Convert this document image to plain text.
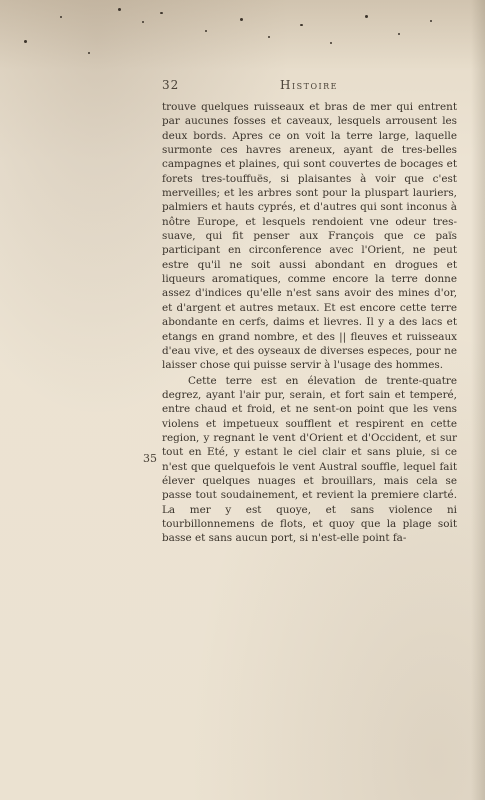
32	Histoire
35

trouve quelques ruisseaux et bras de mer qui entrent par aucunes fosses et caveaux, lesquels arrousent les deux bords. Apres ce on voit la terre large, laquelle surmonte ces havres areneux, ayant de tres-belles campagnes et plaines, qui sont couvertes de bocages et forets tres-touffuës, si plaisantes à voir que c'est merveilles; et les arbres sont pour la pluspart lauriers, palmiers et hauts cyprés, et d'autres qui sont inconus à nôtre Europe, et lesquels rendoient vne odeur tres-suave, qui fit penser aux François que ce païs participant en circonference avec l'Orient, ne peut estre qu'il ne soit aussi abondant en drogues et liqueurs aromatiques, comme encore la terre donne assez d'indices qu'elle n'est sans avoir des mines d'or, et d'argent et autres metaux. Et est encore cette terre abondante en cerfs, daims et lievres. Il y a des lacs et etangs en grand nombre, et des || fleuves et ruisseaux d'eau vive, et des oyseaux de diverses especes, pour ne laisser chose qui puisse servir à l'usage des hommes.

Cette terre est en élevation de trente-quatre degrez, ayant l'air pur, serain, et fort sain et temperé, entre chaud et froid, et ne sent-on point que les vens violens et impetueux soufflent et respirent en cette region, y regnant le vent d'Orient et d'Occident, et sur tout en Eté, y estant le ciel clair et sans pluie, si ce n'est que quelquefois le vent Austral souffle, lequel fait élever quelques nuages et brouillars, mais cela se passe tout soudainement, et revient la premiere clarté. La mer y est quoye, et sans violence ni tourbillonnemens de flots, et quoy que la plage soit basse et sans aucun port, si n'est-elle point fa-
